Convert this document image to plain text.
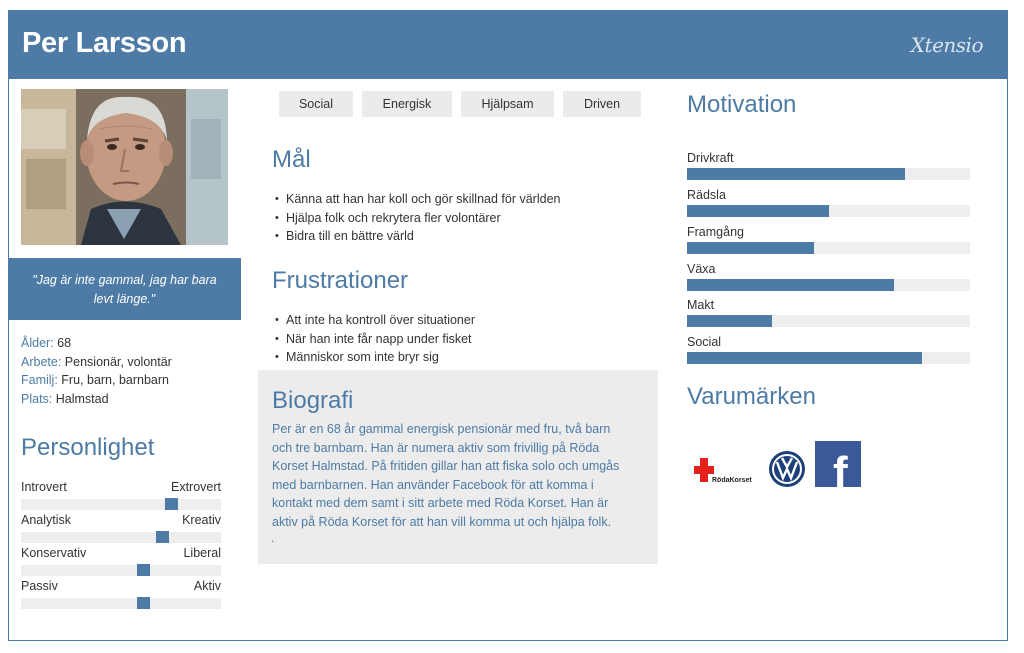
Per Larsson	Xtensio
"Jag är inte gammal, jag har bara levt länge."
Ålder: 68
Arbete: Pensionär, volontär
Familj: Fru, barn, barnbarn
Plats: Halmstad
Personlighet
Introvert	Extrovert
Analytisk	Kreativ
Konservativ	Liberal
Passiv	Aktiv
Social	Energisk	Hjälpsam	Driven
Mål
• Känna att han har koll och gör skillnad för världen
• Hjälpa folk och rekrytera fler volontärer
• Bidra till en bättre värld
Frustrationer
• Att inte ha kontroll över situationer
• När han inte får napp under fisket
• Människor som inte bryr sig
Biografi
Per är en 68 år gammal energisk pensionär med fru, två barn och tre barnbarn. Han är numera aktiv som frivillig på Röda Korset Halmstad. På fritiden gillar han att fiska solo och umgås med barnbarnen. Han använder Facebook för att komma i kontakt med dem samt i sitt arbete med Röda Korset. Han är aktiv på Röda Korset för att han vill komma ut och hjälpa folk.
.
Motivation
Drivkraft
Rädsla
Framgång
Växa
Makt
Social
Varumärken
RödaKorset
VW f
